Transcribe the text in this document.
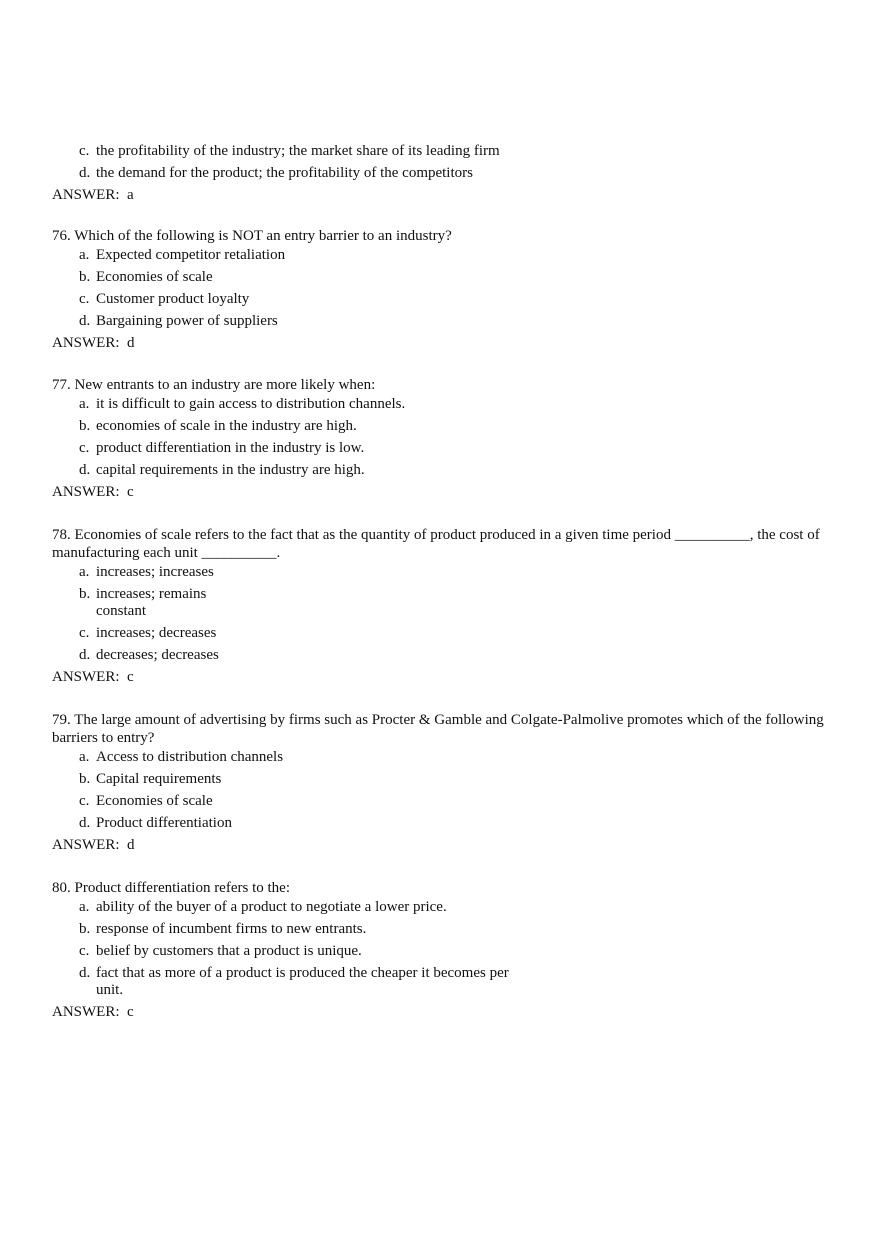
c. the profitability of the industry; the market share of its leading firm
d. the demand for the product; the profitability of the competitors
ANSWER:  a

76. Which of the following is NOT an entry barrier to an industry?

a. Expected competitor retaliation
b. Economies of scale
c. Customer product loyalty
d. Bargaining power of suppliers
ANSWER:  d

77. New entrants to an industry are more likely when:

a. it is difficult to gain access to distribution channels.
b. economies of scale in the industry are high.
c. product differentiation in the industry is low.
d. capital requirements in the industry are high.
ANSWER:  c

78. Economies of scale refers to the fact that as the quantity of product produced in a given time period __________, the cost of manufacturing each unit __________.

a. increases; increases
b. increases; remains constant
c. increases; decreases
d. decreases; decreases
ANSWER:  c

79. The large amount of advertising by firms such as Procter & Gamble and Colgate-Palmolive promotes which of the following barriers to entry?

a. Access to distribution channels
b. Capital requirements
c. Economies of scale
d. Product differentiation
ANSWER:  d

80. Product differentiation refers to the:

a. ability of the buyer of a product to negotiate a lower price.
b. response of incumbent firms to new entrants.
c. belief by customers that a product is unique.
d. fact that as more of a product is produced the cheaper it becomes per unit.
ANSWER:  c
